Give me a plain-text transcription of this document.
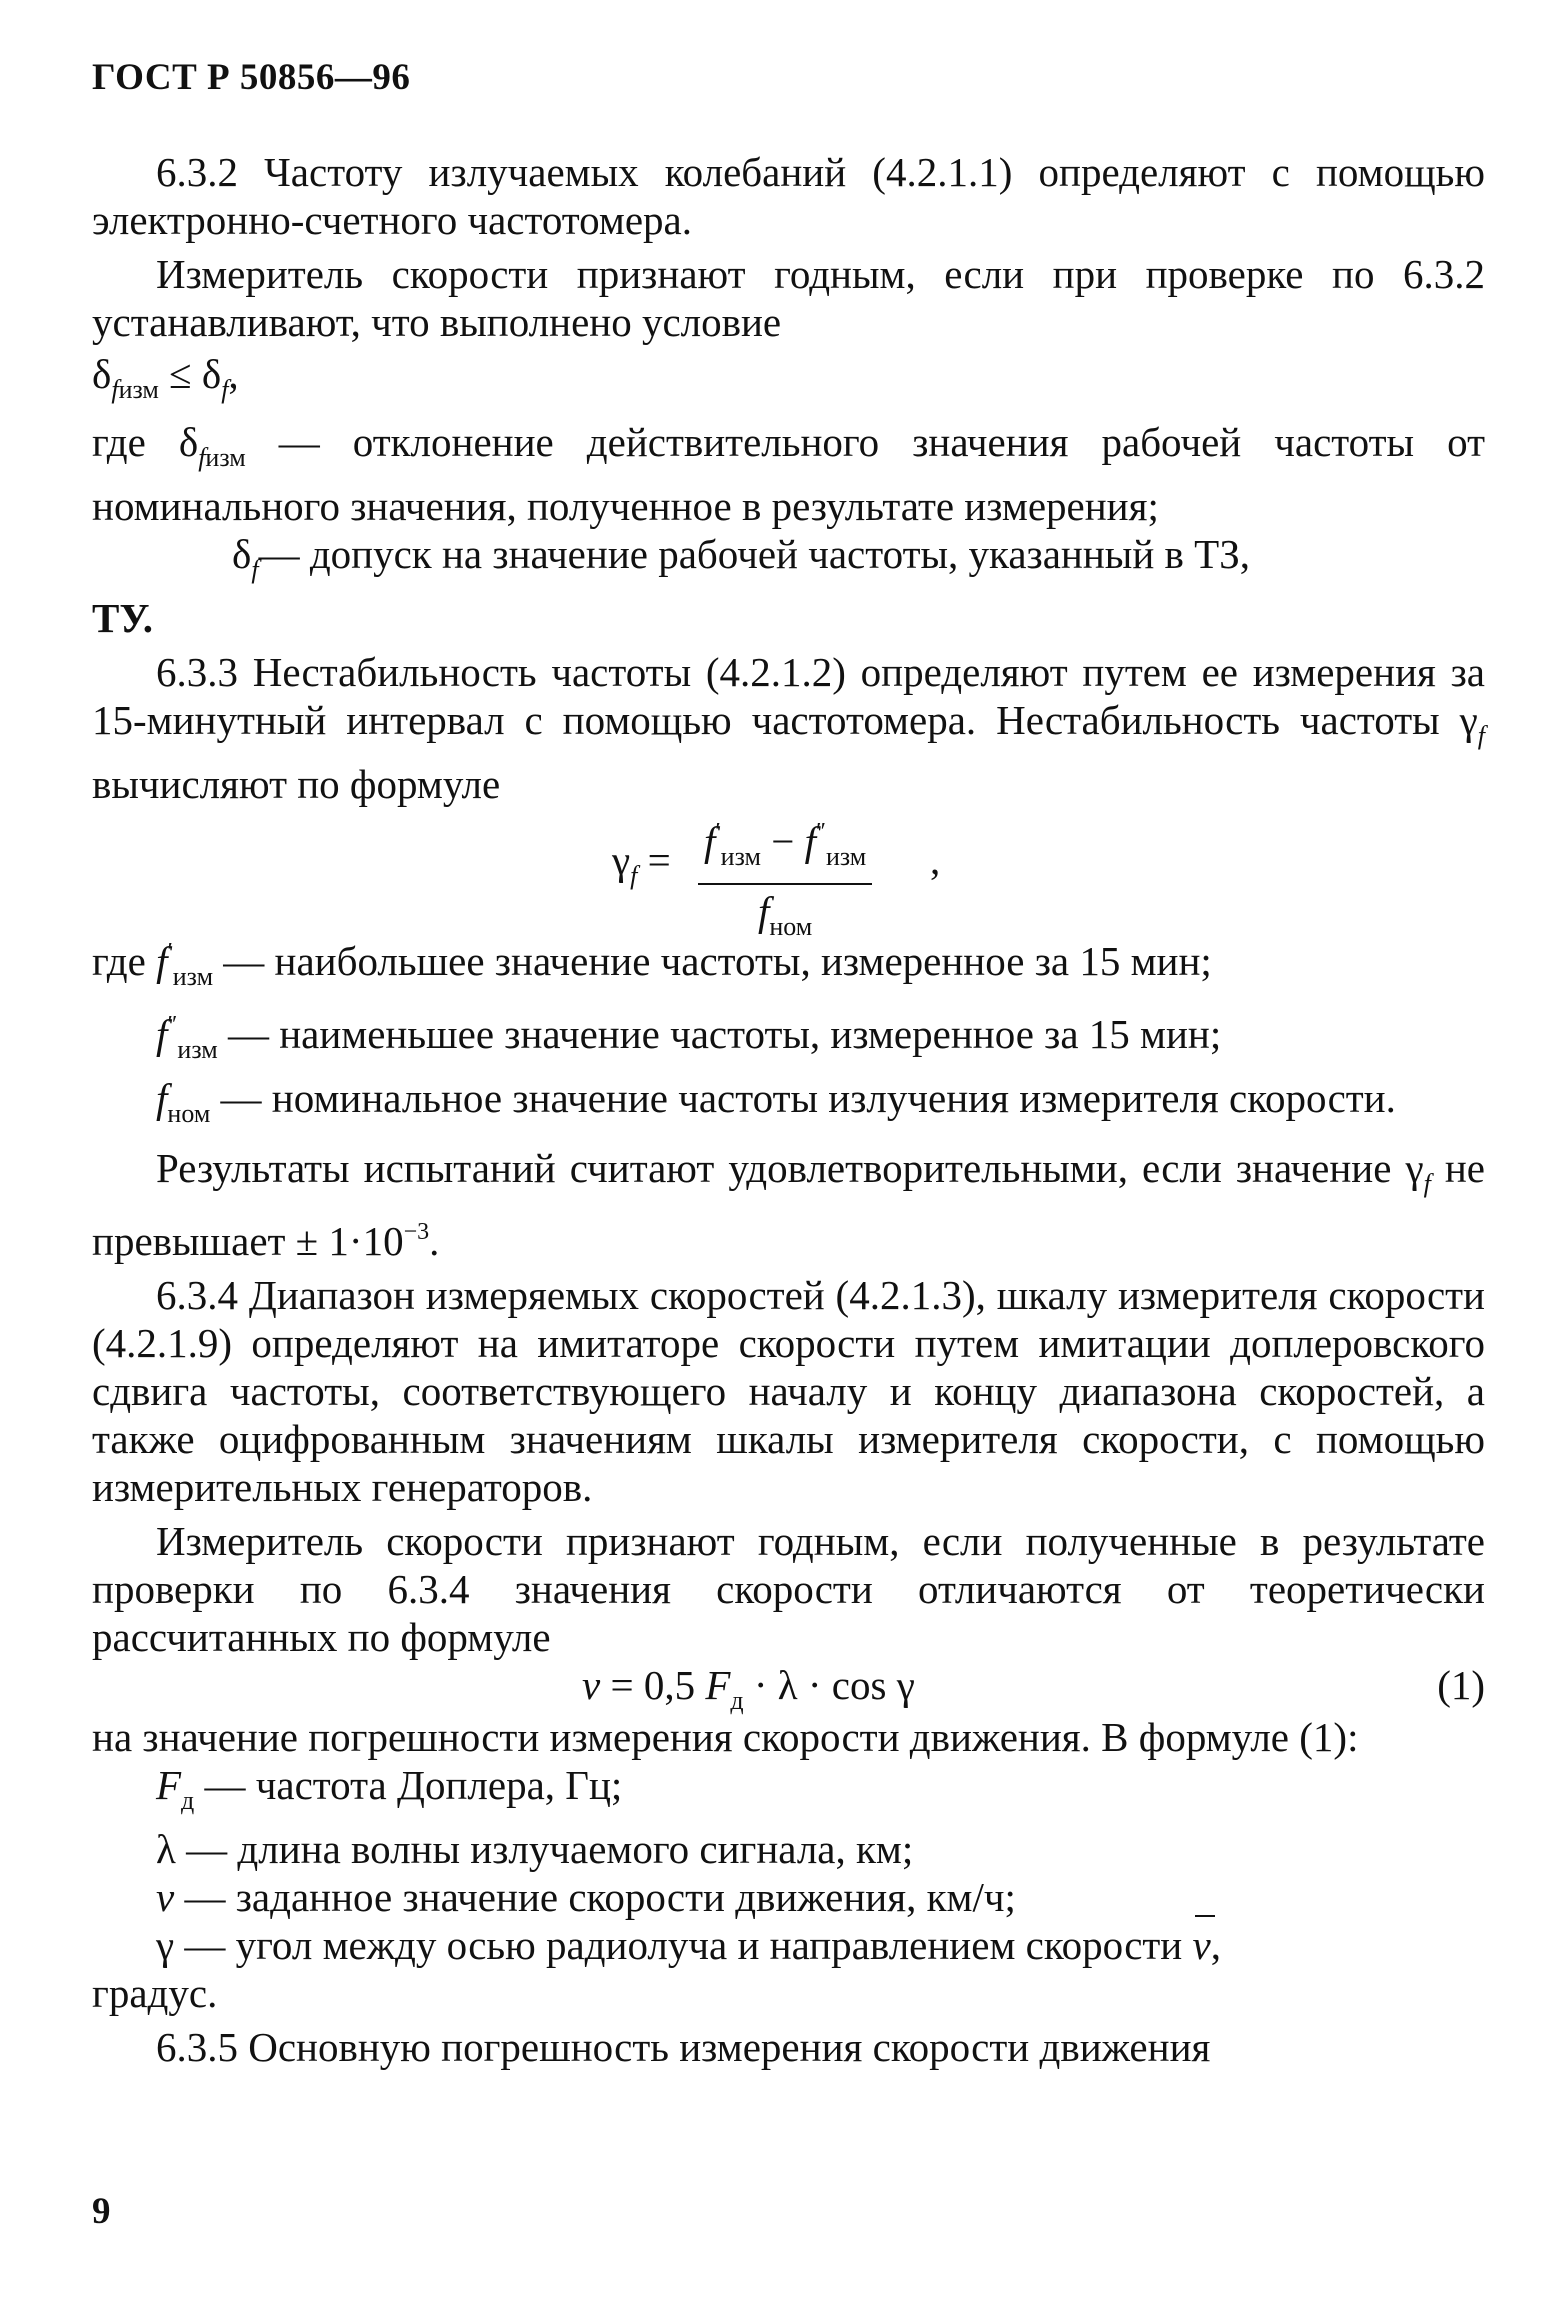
ГОСТ Р 50856—96

6.3.2 Частоту излучаемых колебаний (4.2.1.1) определяют с помощью электронно-счетного частотомера.

Измеритель скорости признают годным, если при проверке по 6.3.2 устанавливают, что выполнено условие

$\delta_{fизм} \le \delta_f$,

где $\delta_{fизм}$ — отклонение действительного значения рабочей частоты от номинального значения, полученное в результате измерения;

$\delta_f—$ допуск на значение рабочей частоты, указанный в ТЗ,

ТУ.

6.3.3 Нестабильность частоты (4.2.1.2) определяют путем ее измерения за 15-минутный интервал с помощью частотомера. Нестабильность частоты $\gamma_f$ вычисляют по формуле

$\gamma_f = \frac{f'_{изм} - f''_{изм}}{f_{ном}}$ ,

где $f'_{изм}$ — наибольшее значение частоты, измеренное за 15 мин;

$f''_{изм}$ — наименьшее значение частоты, измеренное за 15 мин;

$f_{ном}$ — номинальное значение частоты излучения измерителя скорости.

Результаты испытаний считают удовлетворительными, если значение $\gamma_f$ не превышает ± $1\cdot 10^{-3}$.

6.3.4 Диапазон измеряемых скоростей (4.2.1.3), шкалу измерителя скорости (4.2.1.9) определяют на имитаторе скорости путем имитации доплеровского сдвига частоты, соответствующего началу и концу диапазона скоростей, а также оцифрованным значениям шкалы измерителя скорости, с помощью измерительных генераторов.

Измеритель скорости признают годным, если полученные в результате проверки по 6.3.4 значения скорости отличаются от теоретически рассчитанных по формуле

v = 0,5 $F_д \cdot \lambda \cdot \cos \gamma$	(1)

на значение погрешности измерения скорости движения. В формуле (1):

$F_д$ — частота Доплера, Гц;

λ — длина волны излучаемого сигнала, км;

v — заданное значение скорости движения, км/ч;

γ — угол между осью радиолуча и направлением скорости v,

градус.

6.3.5 Основную погрешность измерения скорости движения

9
